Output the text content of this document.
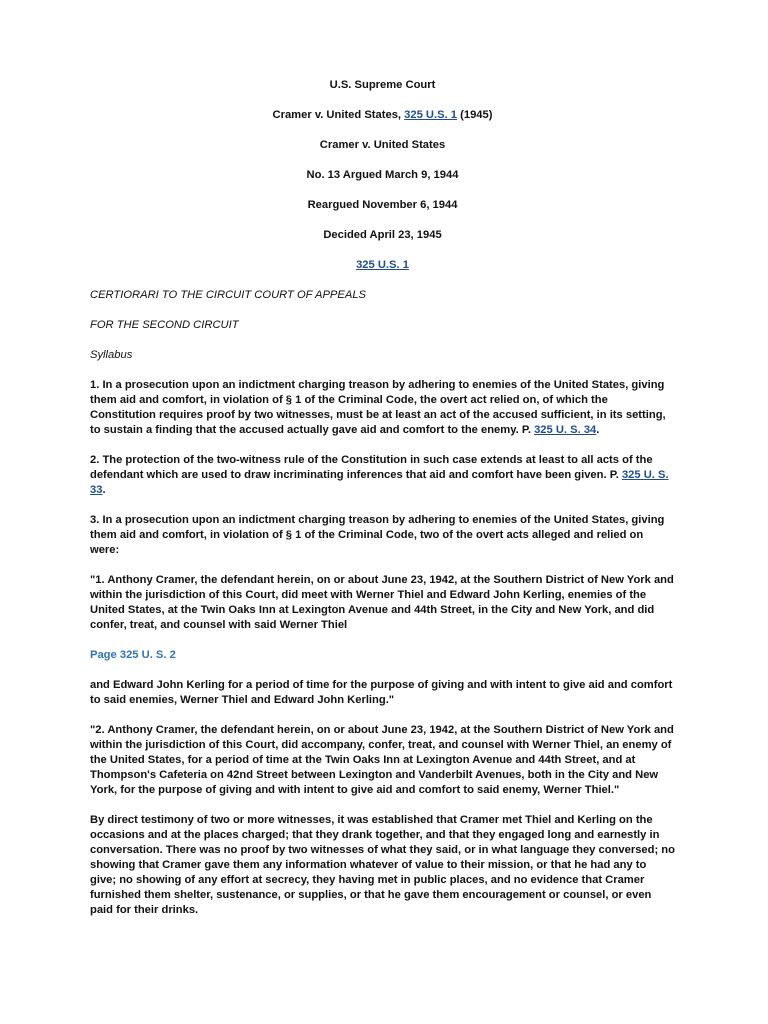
U.S. Supreme Court
Cramer v. United States, 325 U.S. 1 (1945)
Cramer v. United States
No. 13 Argued March 9, 1944
Reargued November 6, 1944
Decided April 23, 1945
325 U.S. 1

CERTIORARI TO THE CIRCUIT COURT OF APPEALS

FOR THE SECOND CIRCUIT

Syllabus

1. In a prosecution upon an indictment charging treason by adhering to enemies of the United States, giving them aid and comfort, in violation of § 1 of the Criminal Code, the overt act relied on, of which the Constitution requires proof by two witnesses, must be at least an act of the accused sufficient, in its setting, to sustain a finding that the accused actually gave aid and comfort to the enemy. P. 325 U. S. 34.

2. The protection of the two-witness rule of the Constitution in such case extends at least to all acts of the defendant which are used to draw incriminating inferences that aid and comfort have been given. P. 325 U. S. 33.

3. In a prosecution upon an indictment charging treason by adhering to enemies of the United States, giving them aid and comfort, in violation of § 1 of the Criminal Code, two of the overt acts alleged and relied on were:

"1. Anthony Cramer, the defendant herein, on or about June 23, 1942, at the Southern District of New York and within the jurisdiction of this Court, did meet with Werner Thiel and Edward John Kerling, enemies of the United States, at the Twin Oaks Inn at Lexington Avenue and 44th Street, in the City and New York, and did confer, treat, and counsel with said Werner Thiel

Page 325 U. S. 2

and Edward John Kerling for a period of time for the purpose of giving and with intent to give aid and comfort to said enemies, Werner Thiel and Edward John Kerling."

"2. Anthony Cramer, the defendant herein, on or about June 23, 1942, at the Southern District of New York and within the jurisdiction of this Court, did accompany, confer, treat, and counsel with Werner Thiel, an enemy of the United States, for a period of time at the Twin Oaks Inn at Lexington Avenue and 44th Street, and at Thompson's Cafeteria on 42nd Street between Lexington and Vanderbilt Avenues, both in the City and New York, for the purpose of giving and with intent to give aid and comfort to said enemy, Werner Thiel."

By direct testimony of two or more witnesses, it was established that Cramer met Thiel and Kerling on the occasions and at the places charged; that they drank together, and that they engaged long and earnestly in conversation. There was no proof by two witnesses of what they said, or in what language they conversed; no showing that Cramer gave them any information whatever of value to their mission, or that he had any to give; no showing of any effort at secrecy, they having met in public places, and no evidence that Cramer furnished them shelter, sustenance, or supplies, or that he gave them encouragement or counsel, or even paid for their drinks.
